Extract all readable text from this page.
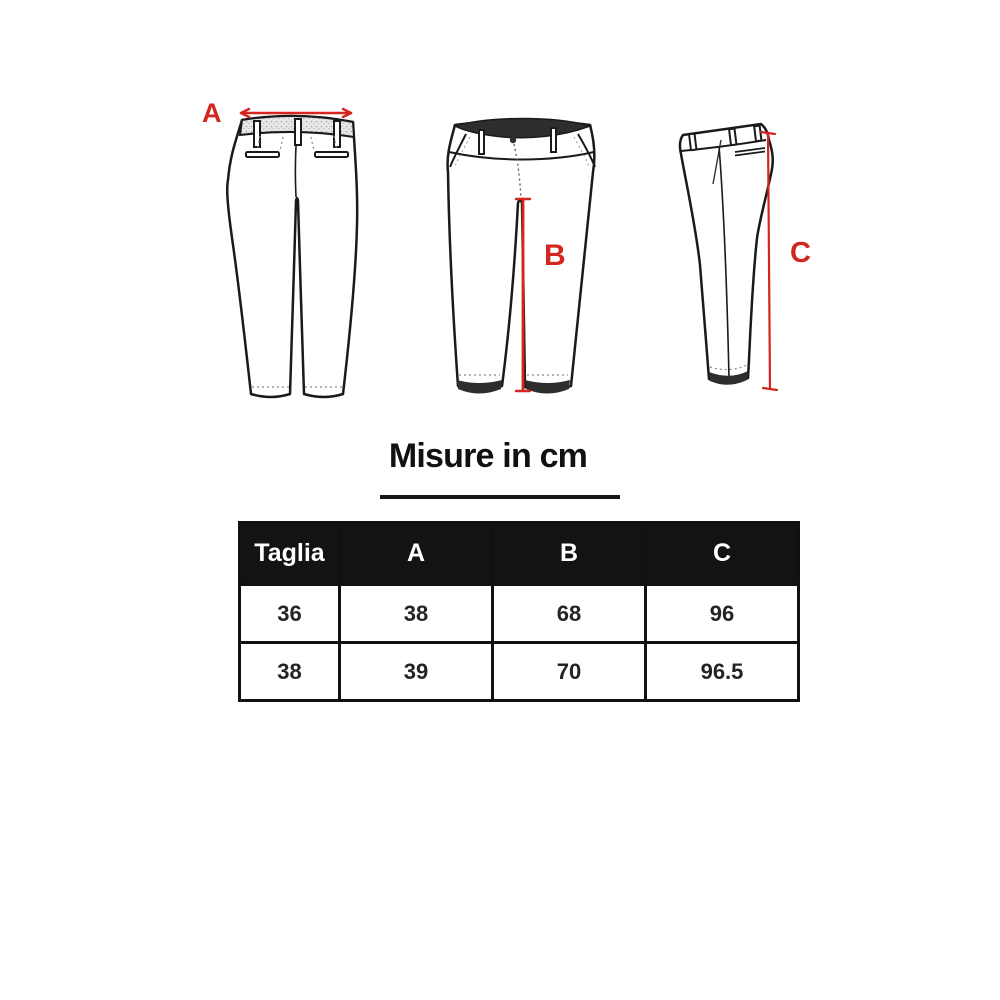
A
B	C
Misure in cm
Taglia	A	B	C
36	38	68	96
38	39	70	96.5
